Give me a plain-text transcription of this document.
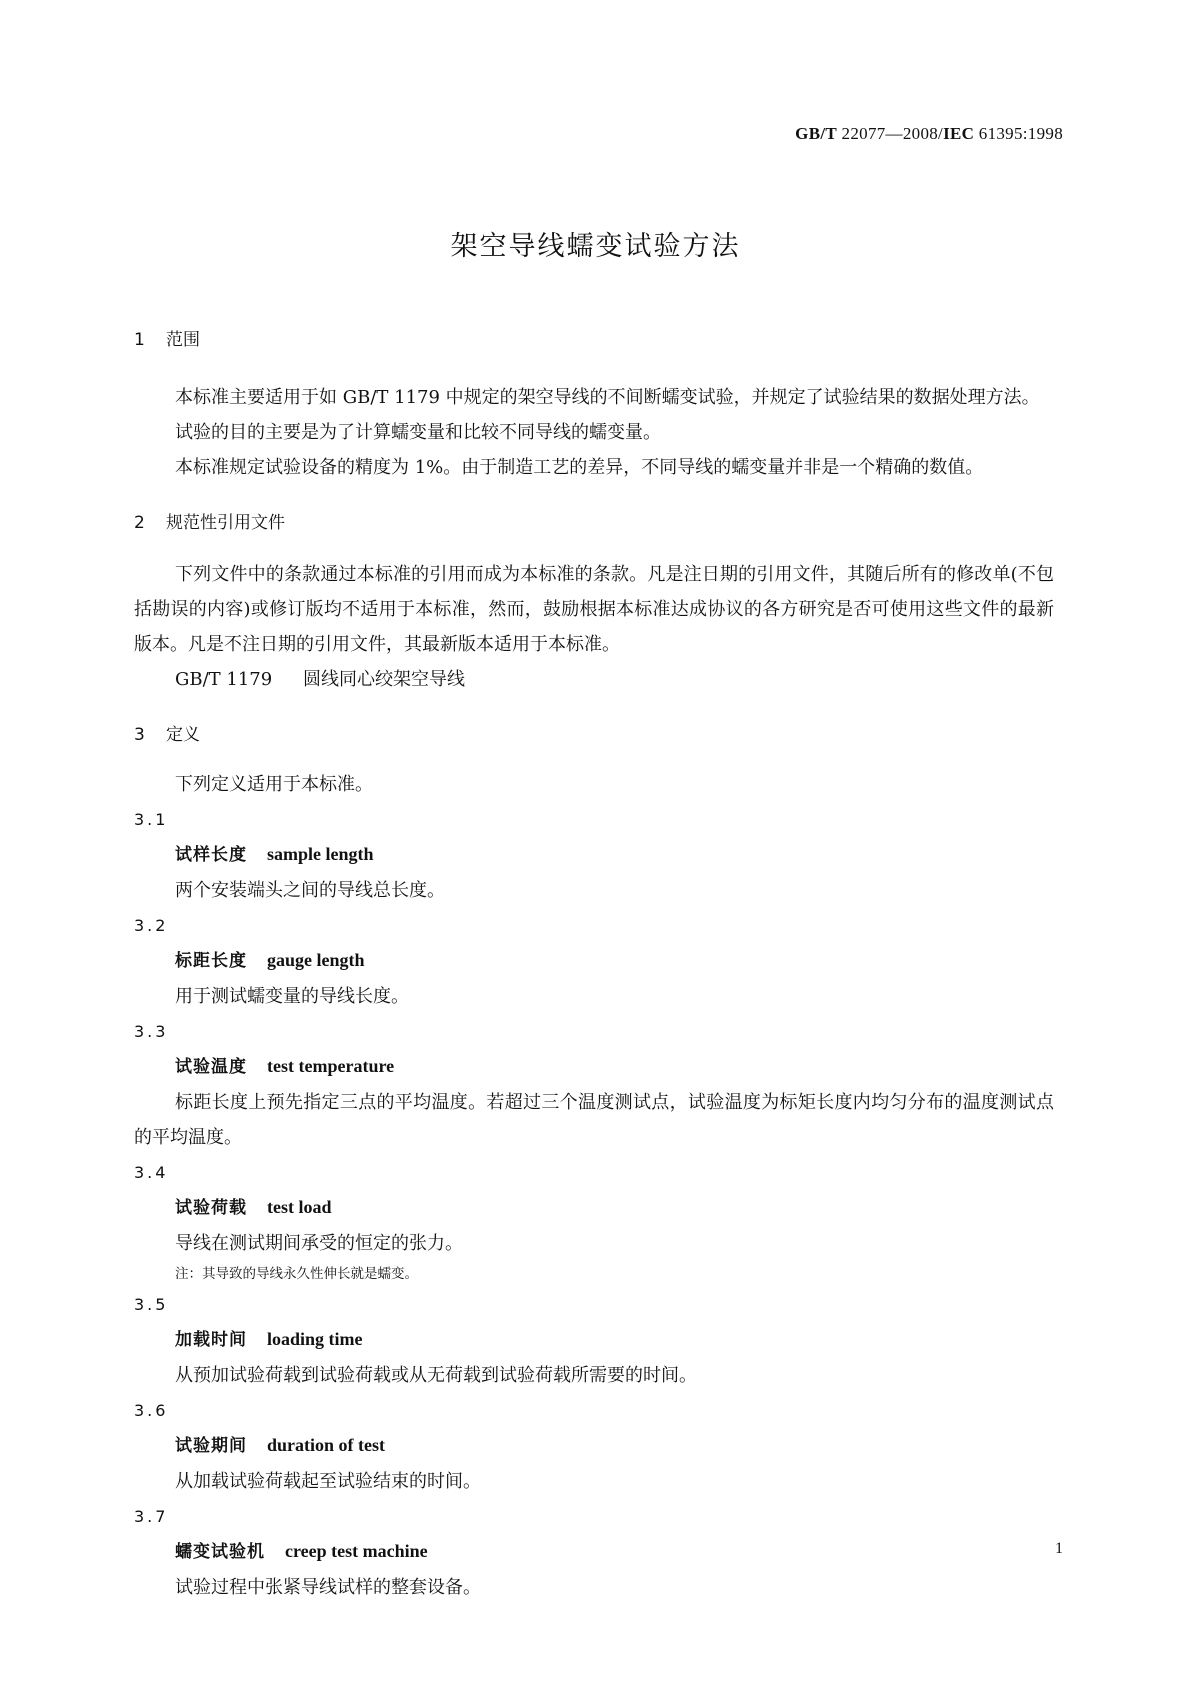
GB/T 22077—2008/IEC 61395:1998
架空导线蠕变试验方法
1 范围

本标准主要适用于如 GB/T 1179 中规定的架空导线的不间断蠕变试验，并规定了试验结果的数据处理方法。

试验的目的主要是为了计算蠕变量和比较不同导线的蠕变量。

本标准规定试验设备的精度为 1%。由于制造工艺的差异，不同导线的蠕变量并非是一个精确的数值。

2 规范性引用文件

下列文件中的条款通过本标准的引用而成为本标准的条款。凡是注日期的引用文件，其随后所有的修改单(不包括勘误的内容)或修订版均不适用于本标准，然而，鼓励根据本标准达成协议的各方研究是否可使用这些文件的最新版本。凡是不注日期的引用文件，其最新版本适用于本标准。

GB/T 1179 圆线同心绞架空导线
3 定义
下列定义适用于本标准。
3.1
试样长度 sample length
两个安装端头之间的导线总长度。
3.2
标距长度 gauge length
用于测试蠕变量的导线长度。
3.3
试验温度 test temperature

标距长度上预先指定三点的平均温度。若超过三个温度测试点，试验温度为标矩长度内均匀分布的温度测试点的平均温度。

3.4
试验荷载 test load
导线在测试期间承受的恒定的张力。
注：其导致的导线永久性伸长就是蠕变。
3.5
加载时间 loading time
从预加试验荷载到试验荷载或从无荷载到试验荷载所需要的时间。
3.6
试验期间 duration of test
从加载试验荷载起至试验结束的时间。
3.7
蠕变试验机 creep test machine
试验过程中张紧导线试样的整套设备。
1
